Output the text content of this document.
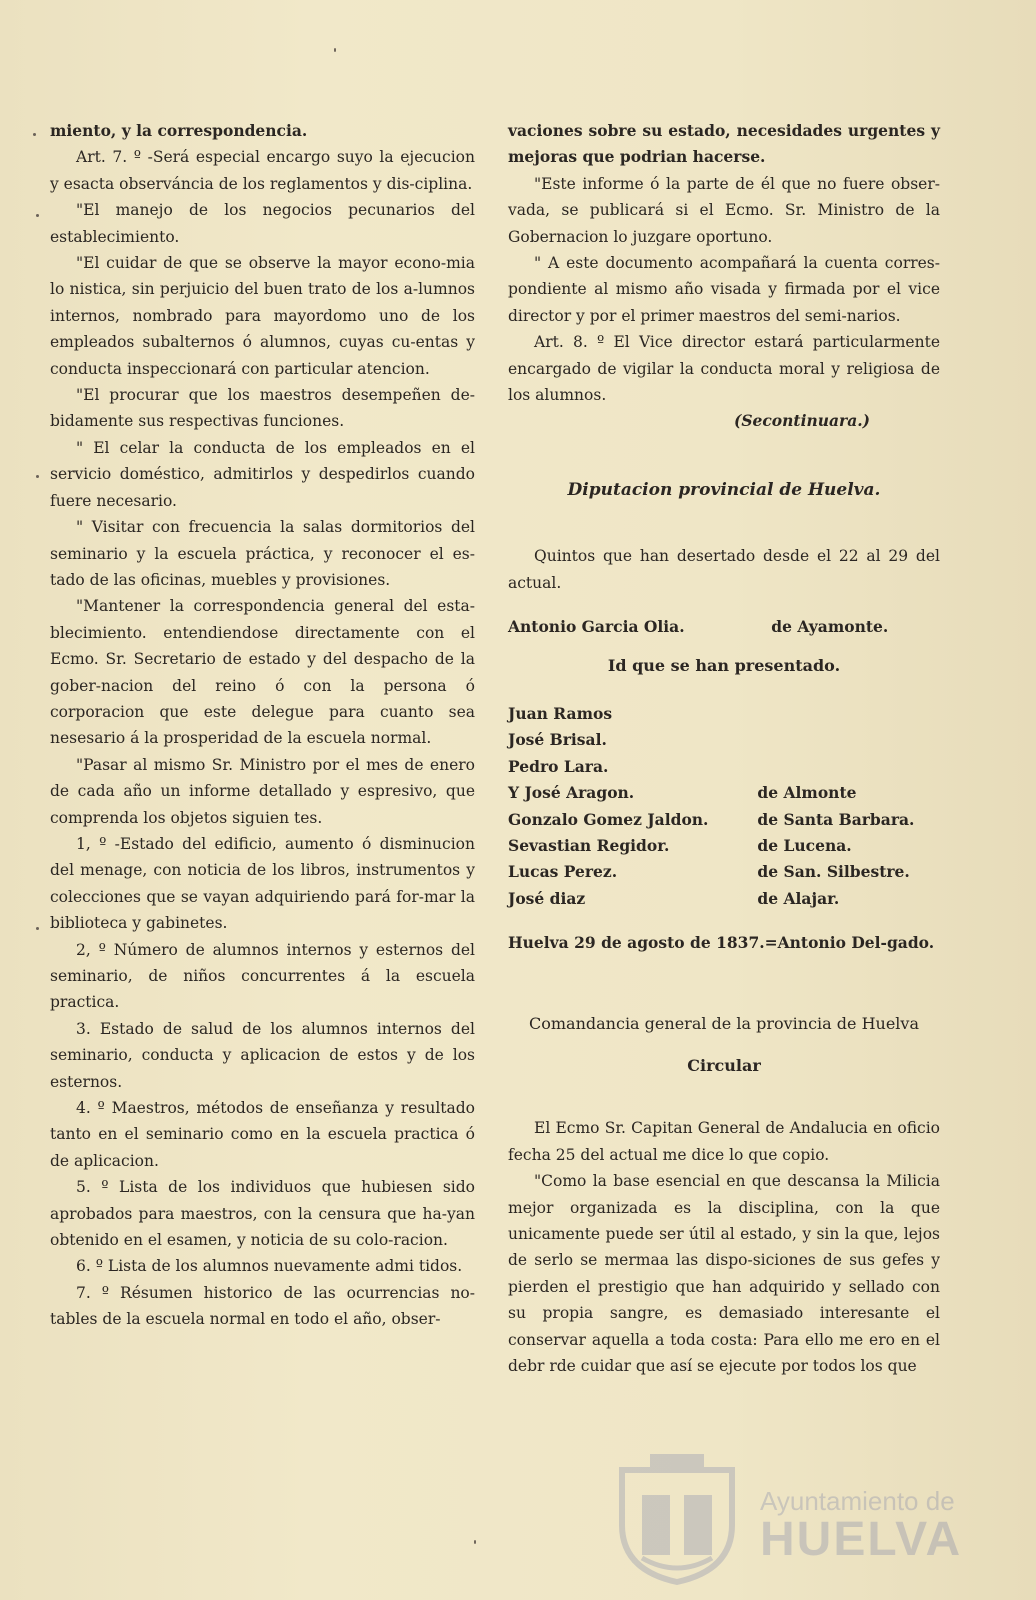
miento, y la correspondencia.

Art. 7. º -Será especial encargo suyo la ejecucion y esacta observáncia de los reglamentos y dis-ciplina.

"El manejo de los negocios pecunarios del establecimiento.

"El cuidar de que se observe la mayor econo-mia lo nistica, sin perjuicio del buen trato de los a-lumnos internos, nombrado para mayordomo uno de los empleados subalternos ó alumnos, cuyas cu-entas y conducta inspeccionará con particular atencion.

"El procurar que los maestros desempeñen de-bidamente sus respectivas funciones.

" El celar la conducta de los empleados en el servicio doméstico, admitirlos y despedirlos cuando fuere necesario.

" Visitar con frecuencia la salas dormitorios del seminario y la escuela práctica, y reconocer el es-tado de las oficinas, muebles y provisiones.

"Mantener la correspondencia general del esta-blecimiento. entendiendose directamente con el Ecmo. Sr. Secretario de estado y del despacho de la gober-nacion del reino ó con la persona ó corporacion que este delegue para cuanto sea nesesario á la prosperidad de la escuela normal.

"Pasar al mismo Sr. Ministro por el mes de enero de cada año un informe detallado y espresivo, que comprenda los objetos siguien tes.

1, º -Estado del edificio, aumento ó disminucion del menage, con noticia de los libros, instrumentos y colecciones que se vayan adquiriendo pará for-mar la biblioteca y gabinetes.

2, º Número de alumnos internos y esternos del seminario, de niños concurrentes á la escuela practica.

3. Estado de salud de los alumnos internos del seminario, conducta y aplicacion de estos y de los esternos.

4. º Maestros, métodos de enseñanza y resultado tanto en el seminario como en la escuela practica ó de aplicacion.

5. º Lista de los individuos que hubiesen sido aprobados para maestros, con la censura que ha-yan obtenido en el esamen, y noticia de su colo-racion.

6. º Lista de los alumnos nuevamente admi tidos.

7. º Résumen historico de las ocurrencias no-tables de la escuela normal en todo el año, obser-

vaciones sobre su estado, necesidades urgentes y mejoras que podrian hacerse.

"Este informe ó la parte de él que no fuere obser-vada, se publicará si el Ecmo. Sr. Ministro de la Gobernacion lo juzgare oportuno.

" A este documento acompañará la cuenta corres-pondiente al mismo año visada y firmada por el vice director y por el primer maestros del semi-narios.

Art. 8. º El Vice director estará particularmente encargado de vigilar la conducta moral y religiosa de los alumnos.

(Secontinuara.)

Diputacion provincial de Huelva.

Quintos que han desertado desde el 22 al 29 del actual.

Antonio Garcia Olia.	de Ayamonte.

Id que se han presentado.

Juan Ramos	
José Brisal.	
Pedro Lara.	
Y José Aragon.	de Almonte
Gonzalo Gomez Jaldon.	de Santa Barbara.
Sevastian Regidor.	de Lucena.
Lucas Perez.	de San. Silbestre.
José diaz	de Alajar.

Huelva 29 de agosto de 1837.=Antonio Del-gado.

Comandancia general de la provincia de Huelva

Circular

El Ecmo Sr. Capitan General de Andalucia en oficio fecha 25 del actual me dice lo que copio.

"Como la base esencial en que descansa la Milicia mejor organizada es la disciplina, con la que unicamente puede ser útil al estado, y sin la que, lejos de serlo se mermaa las dispo-siciones de sus gefes y pierden el prestigio que han adquirido y sellado con su propia sangre, es demasiado interesante el conservar aquella a toda costa: Para ello me ero en el debr rde cuidar que así se ejecute por todos los que

Ayuntamiento de
HUELVA
